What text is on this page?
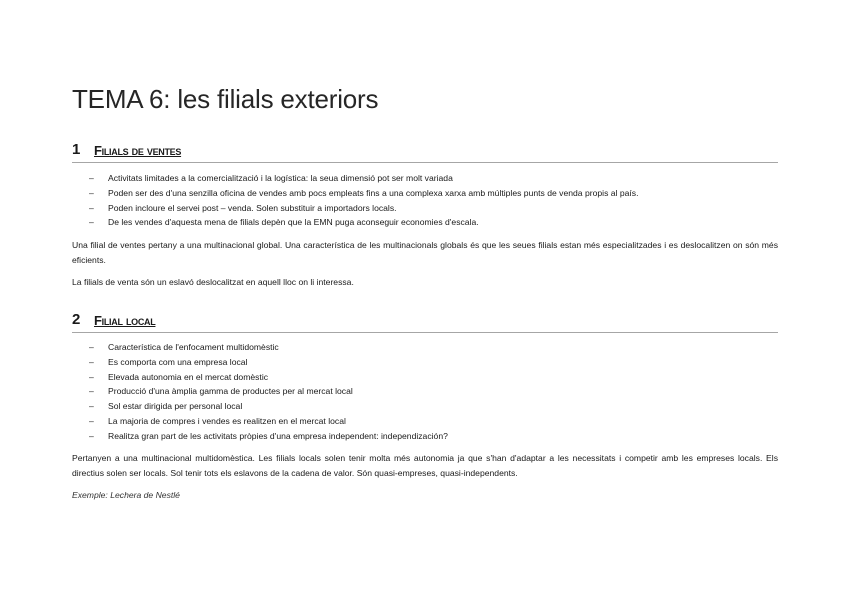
TEMA 6: les filials exteriors
1 Filials de ventes
– Activitats limitades a la comercialització i la logística: la seua dimensió pot ser molt variada
– Poden ser des d'una senzilla oficina de vendes amb pocs empleats fins a una complexa xarxa amb múltiples punts de venda propis al país.
– Poden incloure el servei post – venda. Solen substituir a importadors locals.
– De les vendes d'aquesta mena de filials depèn que la EMN puga aconseguir economies d'escala.
Una filial de ventes pertany a una multinacional global. Una característica de les multinacionals globals és que les seues filials estan més especialitzades i es deslocalitzen on són més eficients.
La filials de venta són un eslavó deslocalitzat en aquell lloc on li interessa.
2 Filial local
– Característica de l'enfocament multidomèstic
– Es comporta com una empresa local
– Elevada autonomia en el mercat domèstic
– Producció d'una àmplia gamma de productes per al mercat local
– Sol estar dirigida per personal local
– La majoria de compres i vendes es realitzen en el mercat local
– Realitza gran part de les activitats pròpies d'una empresa independent: independización?
Pertanyen a una multinacional multidomèstica. Les filials locals solen tenir molta més autonomia ja que s'han d'adaptar a les necessitats i competir amb les empreses locals. Els directius solen ser locals. Sol tenir tots els eslavons de la cadena de valor. Són quasi-empreses, quasi-independents.
Exemple: Lechera de Nestlé
